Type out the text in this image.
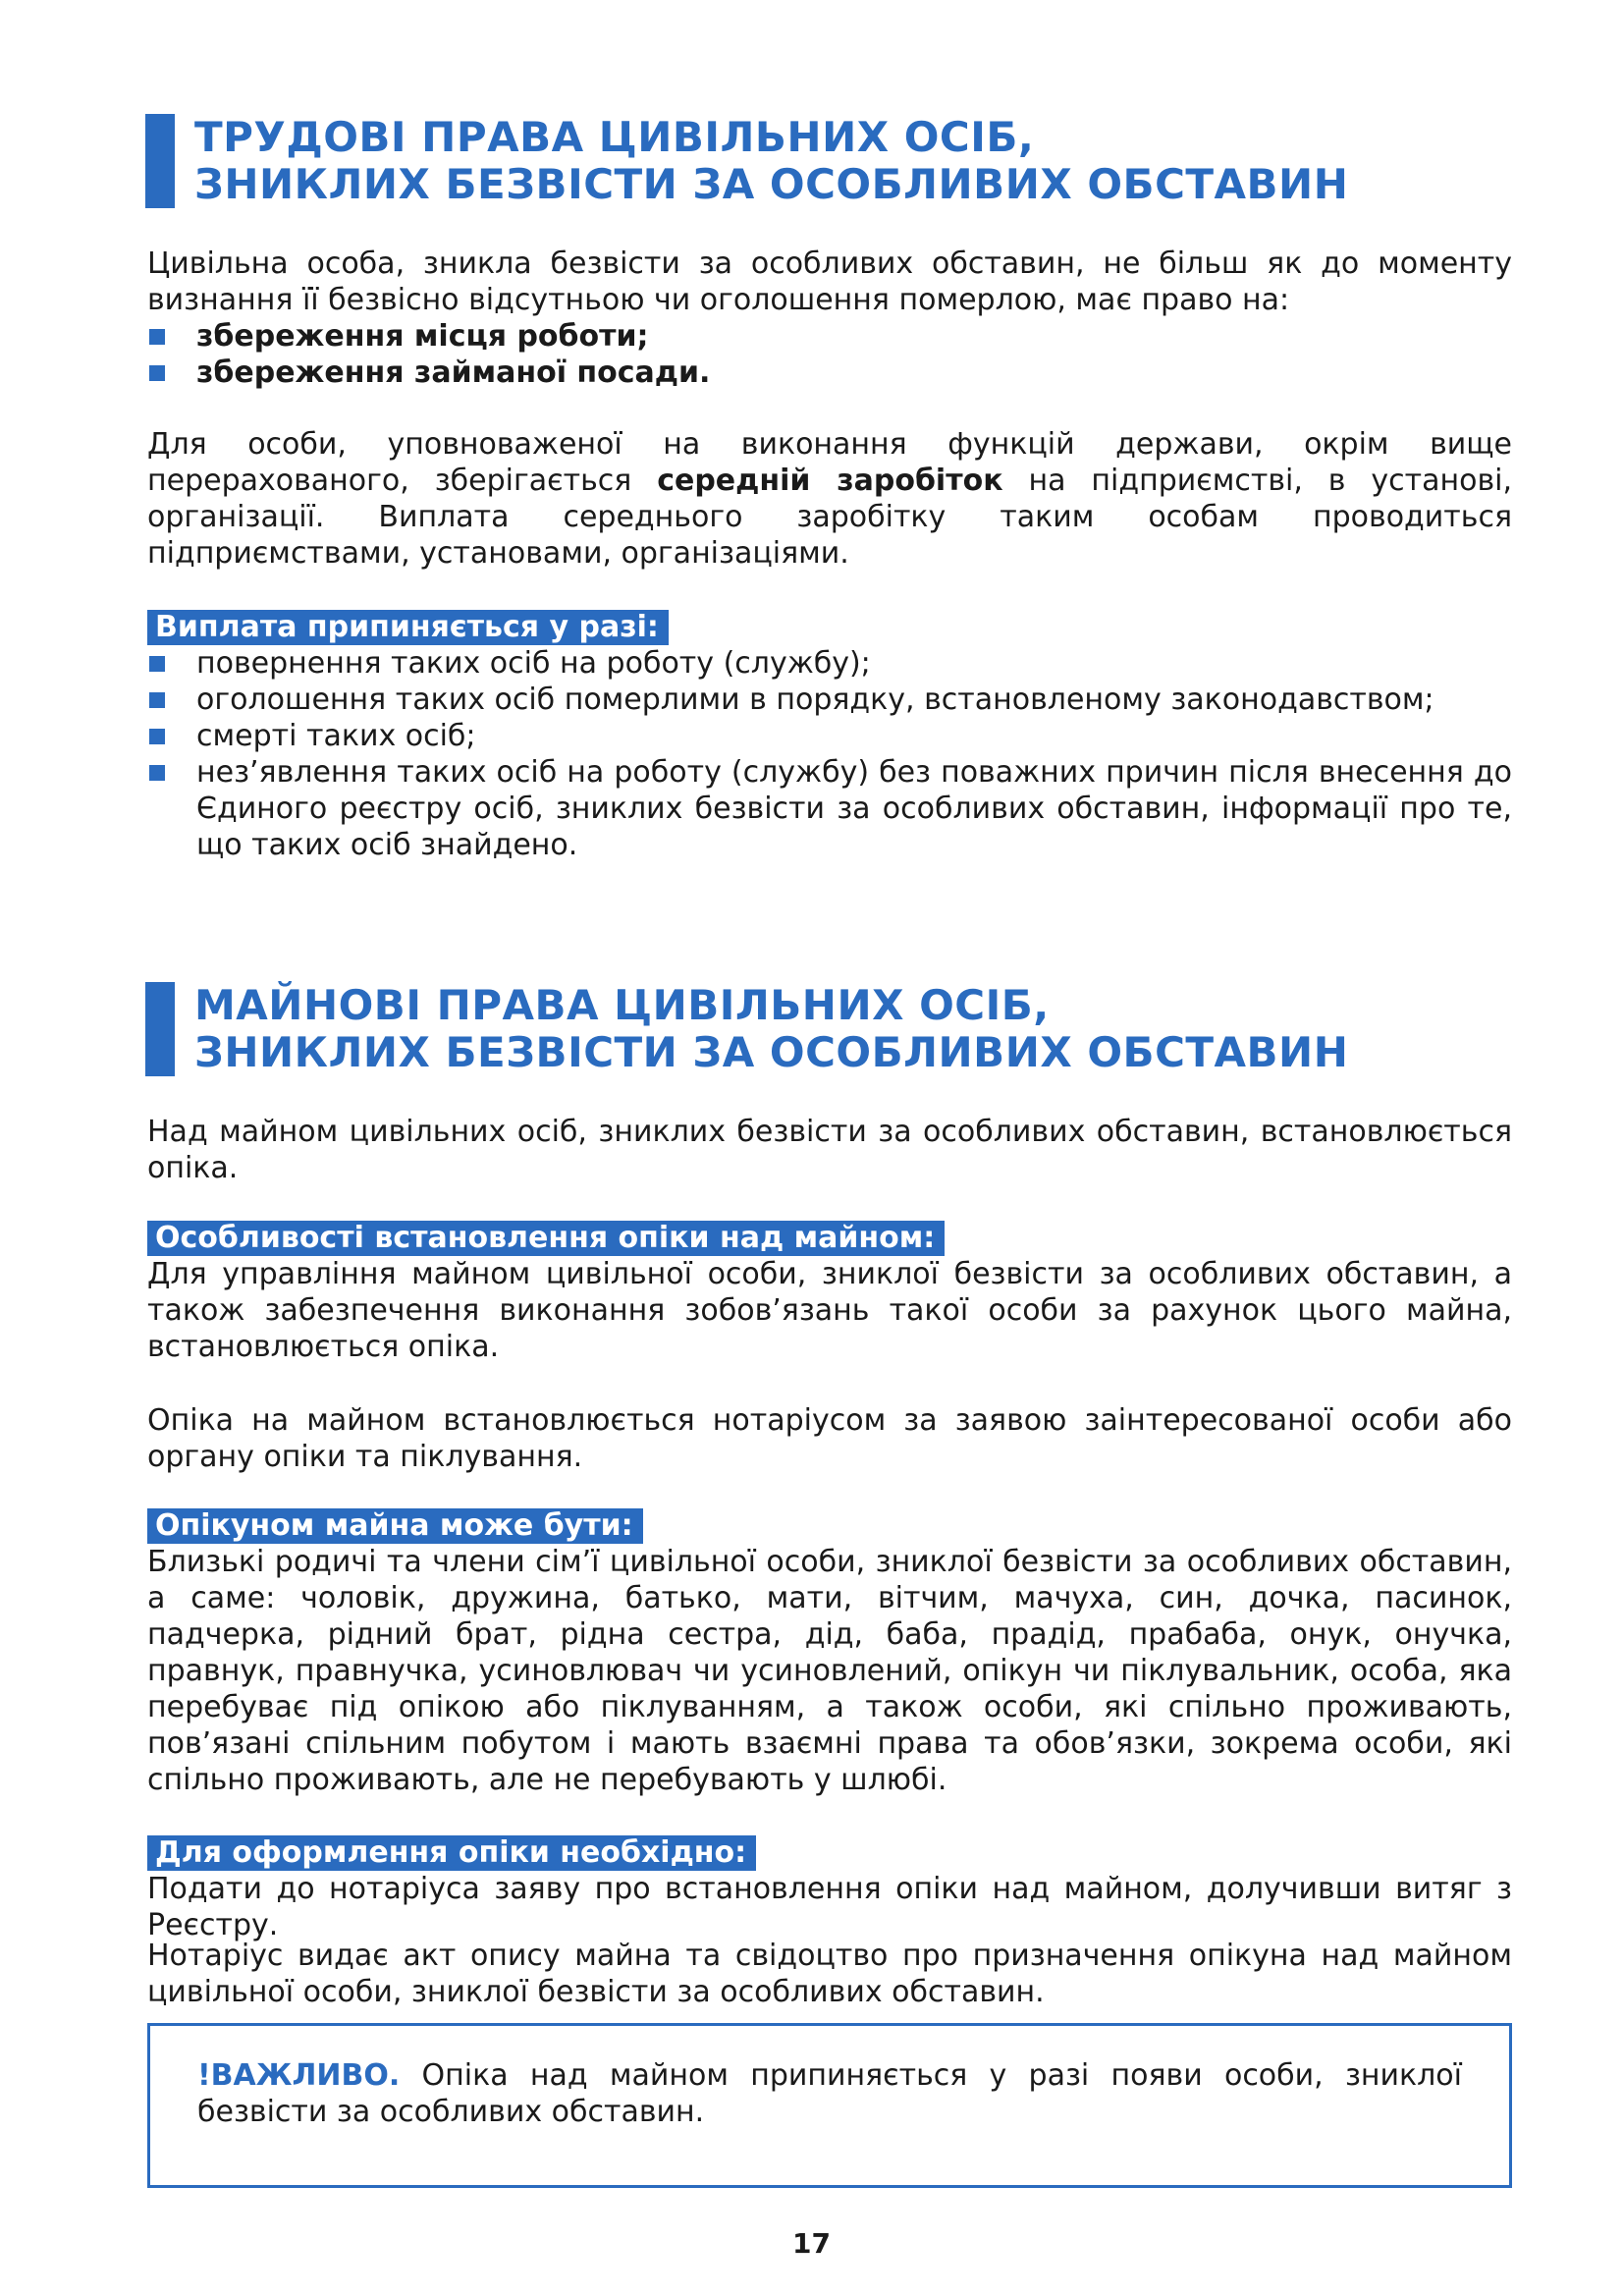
ТРУДОВІ ПРАВА ЦИВІЛЬНИХ ОСІБ,
ЗНИКЛИХ БЕЗВІСТИ ЗА ОСОБЛИВИХ ОБСТАВИН

Цивільна особа, зникла безвісти за особливих обставин, не більш як до моменту визнання її безвісно відсутньою чи оголошення померлою, має право на:

збереження місця роботи;
збереження займаної посади.

Для особи, уповноваженої на виконання функцій держави, окрім вище перерахованого, зберігається середній заробіток на підприємстві, в установі, організації. Виплата середнього заробітку таким особам проводиться підприємствами, установами, організаціями.

Виплата припиняється у разі:
повернення таких осіб на роботу (службу);
оголошення таких осіб померлими в порядку, встановленому законодавством;
смерті таких осіб;
нез’явлення таких осіб на роботу (службу) без поважних причин після внесення до Єдиного реєстру осіб, зниклих безвісти за особливих обставин, інформації про те, що таких осіб знайдено.
МАЙНОВІ ПРАВА ЦИВІЛЬНИХ ОСІБ,
ЗНИКЛИХ БЕЗВІСТИ ЗА ОСОБЛИВИХ ОБСТАВИН

Над майном цивільних осіб, зниклих безвісти за особливих обставин, встановлюється опіка.

Особливості встановлення опіки над майном:

Для управління майном цивільної особи, зниклої безвісти за особливих обставин, а також забезпечення виконання зобов’язань такої особи за рахунок цього майна, встановлюється опіка.

Опіка на майном встановлюється нотаріусом за заявою заінтересованої особи або органу опіки та піклування.

Опікуном майна може бути:

Близькі родичі та члени сім’ї цивільної особи, зниклої безвісти за особливих обставин, а саме: чоловік, дружина, батько, мати, вітчим, мачуха, син, дочка, пасинок, падчерка, рідний брат, рідна сестра, дід, баба, прадід, прабаба, онук, онучка, правнук, правнучка, усиновлювач чи усиновлений, опікун чи піклувальник, особа, яка перебуває під опікою або піклуванням, а також особи, які спільно проживають, пов’язані спільним побутом і мають взаємні права та обов’язки, зокрема особи, які спільно проживають, але не перебувають у шлюбі.

Для оформлення опіки необхідно:

Подати до нотаріуса заяву про встановлення опіки над майном, долучивши витяг з Реєстру.

Нотаріус видає акт опису майна та свідоцтво про призначення опікуна над майном цивільної особи, зниклої безвісти за особливих обставин.

!ВАЖЛИВО. Опіка над майном припиняється у разі появи особи, зниклої безвісти за особливих обставин.
17
